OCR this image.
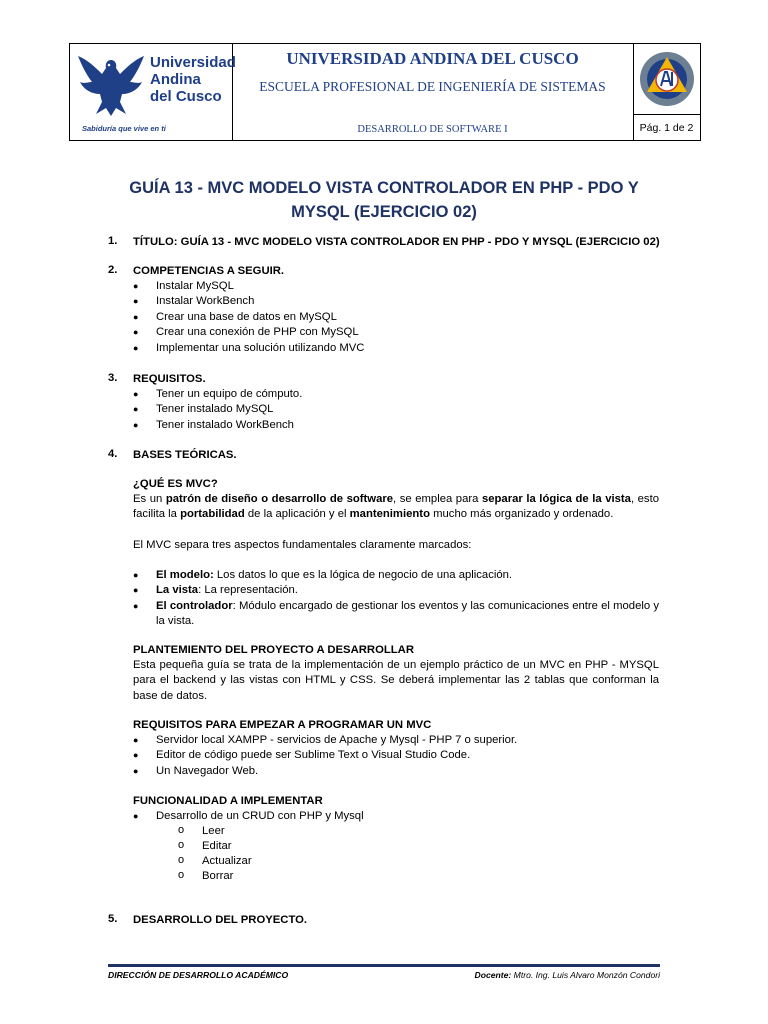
Universidad
Andina
del Cusco
Sabiduría que vive en ti
UNIVERSIDAD ANDINA DEL CUSCO
ESCUELA PROFESIONAL DE INGENIERÍA DE SISTEMAS
DESARROLLO DE SOFTWARE I	Pág. 1 de 2
GUÍA 13 - MVC MODELO VISTA CONTROLADOR EN PHP - PDO Y
MYSQL (EJERCICIO 02)
1. TÍTULO: GUÍA 13 - MVC MODELO VISTA CONTROLADOR EN PHP - PDO Y MYSQL (EJERCICIO 02)
2. COMPETENCIAS A SEGUIR.
● Instalar MySQL
● Instalar WorkBench
● Crear una base de datos en MySQL
● Crear una conexión de PHP con MySQL
● Implementar una solución utilizando MVC
3. REQUISITOS.
● Tener un equipo de cómputo.
● Tener instalado MySQL
● Tener instalado WorkBench
4. BASES TEÓRICAS.
¿QUÉ ES MVC?
Es un patrón de diseño o desarrollo de software, se emplea para separar la lógica de la vista, esto facilita la portabilidad de la aplicación y el mantenimiento mucho más organizado y ordenado.
El MVC separa tres aspectos fundamentales claramente marcados:
● El modelo: Los datos lo que es la lógica de negocio de una aplicación.
● La vista: La representación.
● El controlador: Módulo encargado de gestionar los eventos y las comunicaciones entre el modelo y la vista.
PLANTEMIENTO DEL PROYECTO A DESARROLLAR
Esta pequeña guía se trata de la implementación de un ejemplo práctico de un MVC en PHP - MYSQL para el backend y las vistas con HTML y CSS. Se deberá implementar las 2 tablas que conforman la base de datos.
REQUISITOS PARA EMPEZAR A PROGRAMAR UN MVC
● Servidor local XAMPP - servicios de Apache y Mysql - PHP 7 o superior.
● Editor de código puede ser Sublime Text o Visual Studio Code.
● Un Navegador Web.
FUNCIONALIDAD A IMPLEMENTAR
● Desarrollo de un CRUD con PHP y Mysql
o Leer
o Editar
o Actualizar
o Borrar
5. DESARROLLO DEL PROYECTO.
DIRECCIÓN DE DESARROLLO ACADÉMICO	Docente: Mtro. Ing. Luis Alvaro Monzón Condori
